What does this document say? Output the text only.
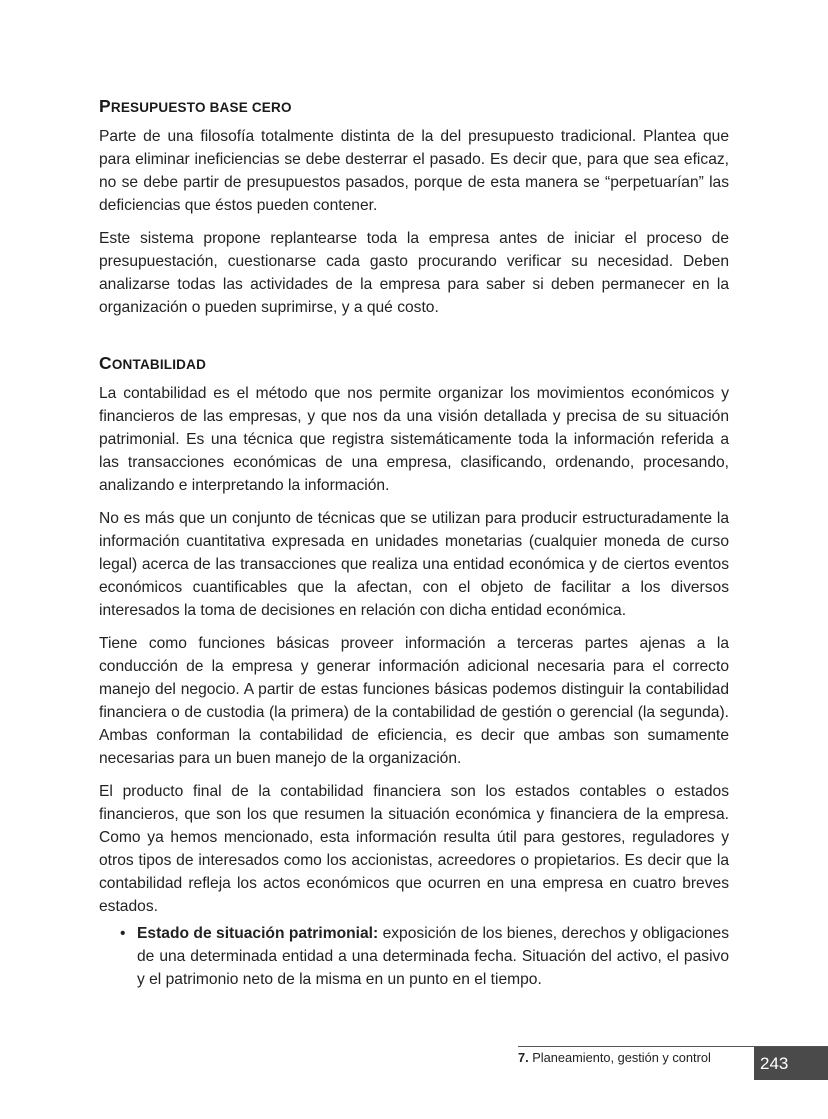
PRESUPUESTO BASE CERO

Parte de una filosofía totalmente distinta de la del presupuesto tradicional. Plantea que para eliminar ineficiencias se debe desterrar el pasado. Es decir que, para que sea eficaz, no se debe partir de presupuestos pasados, porque de esta manera se “perpetuarían” las deficiencias que éstos pueden contener.

Este sistema propone replantearse toda la empresa antes de iniciar el proceso de presupuestación, cuestionarse cada gasto procurando verificar su necesidad. Deben analizarse todas las actividades de la empresa para saber si deben permanecer en la organización o pueden suprimirse, y a qué costo.

CONTABILIDAD

La contabilidad es el método que nos permite organizar los movimientos económicos y financieros de las empresas, y que nos da una visión detallada y precisa de su situación patrimonial. Es una técnica que registra sistemáticamente toda la información referida a las transacciones económicas de una empresa, clasificando, ordenando, procesando, analizando e interpretando la información.

No es más que un conjunto de técnicas que se utilizan para producir estructuradamente la información cuantitativa expresada en unidades monetarias (cualquier moneda de curso legal) acerca de las transacciones que realiza una entidad económica y de ciertos eventos económicos cuantificables que la afectan, con el objeto de facilitar a los diversos interesados la toma de decisiones en relación con dicha entidad económica.

Tiene como funciones básicas proveer información a terceras partes ajenas a la conducción de la empresa y generar información adicional necesaria para el correcto manejo del negocio. A partir de estas funciones básicas podemos distinguir la contabilidad financiera o de custodia (la primera) de la contabilidad de gestión o gerencial (la segunda). Ambas conforman la contabilidad de eficiencia, es decir que ambas son sumamente necesarias para un buen manejo de la organización.

El producto final de la contabilidad financiera son los estados contables o estados financieros, que son los que resumen la situación económica y financiera de la empresa. Como ya hemos mencionado, esta información resulta útil para gestores, reguladores y otros tipos de interesados como los accionistas, acreedores o propietarios. Es decir que la contabilidad refleja los actos económicos que ocurren en una empresa en cuatro breves estados.

• Estado de situación patrimonial: exposición de los bienes, derechos y obligaciones de una determinada entidad a una determinada fecha. Situación del activo, el pasivo y el patrimonio neto de la misma en un punto en el tiempo.
7. Planeamiento, gestión y control	243
